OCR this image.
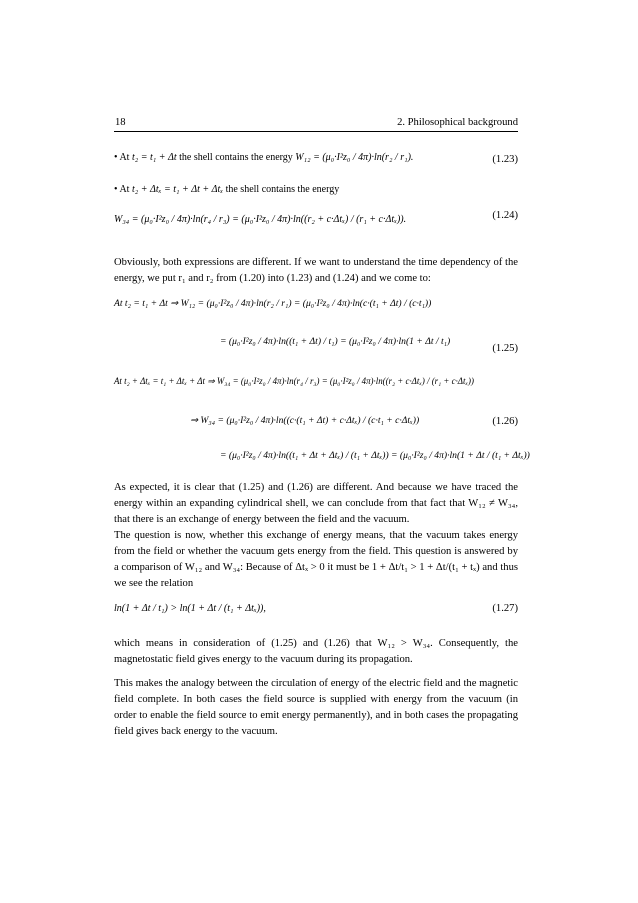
18	2. Philosophical background
• At t₂ = t₁ + Δt the shell contains the energy W₁₂ = (μ₀·I²z₀ / 4π)·ln(r₂ / r₁).	(1.23)
• At t₂ + Δtₓ = t₁ + Δt + Δtₓ the shell contains the energy
W₃₄ = (μ₀·I²z₀ / 4π)·ln(r₄ / r₃) = (μ₀·I²z₀ / 4π)·ln((r₂ + c·Δtₓ) / (r₁ + c·Δtₓ)).	(1.24)
Obviously, both expressions are different. If we want to understand the time dependency of the energy, we put r₁ and r₂ from (1.20) into (1.23) and (1.24) and we come to:
At t₂ = t₁ + Δt ⇒ W₁₂ = (μ₀·I²z₀ / 4π)·ln(r₂ / r₁) = (μ₀·I²z₀ / 4π)·ln(c·(t₁ + Δt) / (c·t₁))
= (μ₀·I²z₀ / 4π)·ln((t₁ + Δt) / t₁) = (μ₀·I²z₀ / 4π)·ln(1 + Δt / t₁)
(1.25)
At t₂ + Δtₓ = t₁ + Δtₓ + Δt ⇒ W₃₄ = (μ₀·I²z₀ / 4π)·ln(r₄ / r₃) = (μ₀·I²z₀ / 4π)·ln((r₂ + c·Δtₓ) / (r₁ + c·Δtₓ))
⇒ W₃₄ = (μ₀·I²z₀ / 4π)·ln((c·(t₁ + Δt) + c·Δtₓ) / (c·t₁ + c·Δtₓ))
= (μ₀·I²z₀ / 4π)·ln((t₁ + Δt + Δtₓ) / (t₁ + Δtₓ)) = (μ₀·I²z₀ / 4π)·ln(1 + Δt / (t₁ + Δtₓ))
(1.26)
As expected, it is clear that (1.25) and (1.26) are different. And because we have traced the energy within an expanding cylindrical shell, we can conclude from that fact that W₁₂ ≠ W₃₄, that there is an exchange of energy between the field and the vacuum.
The question is now, whether this exchange of energy means, that the vacuum takes energy from the field or whether the vacuum gets energy from the field. This question is answered by a comparison of W₁₂ and W₃₄: Because of Δtₓ > 0 it must be 1 + Δt/t₁ > 1 + Δt/(t₁ + tₓ) and thus we see the relation
ln(1 + Δt / t₁) > ln(1 + Δt / (t₁ + Δtₓ)),	(1.27)
which means in consideration of (1.25) and (1.26) that W₁₂ > W₃₄. Consequently, the magnetostatic field gives energy to the vacuum during its propagation.
This makes the analogy between the circulation of energy of the electric field and the magnetic field complete. In both cases the field source is supplied with energy from the vacuum (in order to enable the field source to emit energy permanently), and in both cases the propagating field gives back energy to the vacuum.
